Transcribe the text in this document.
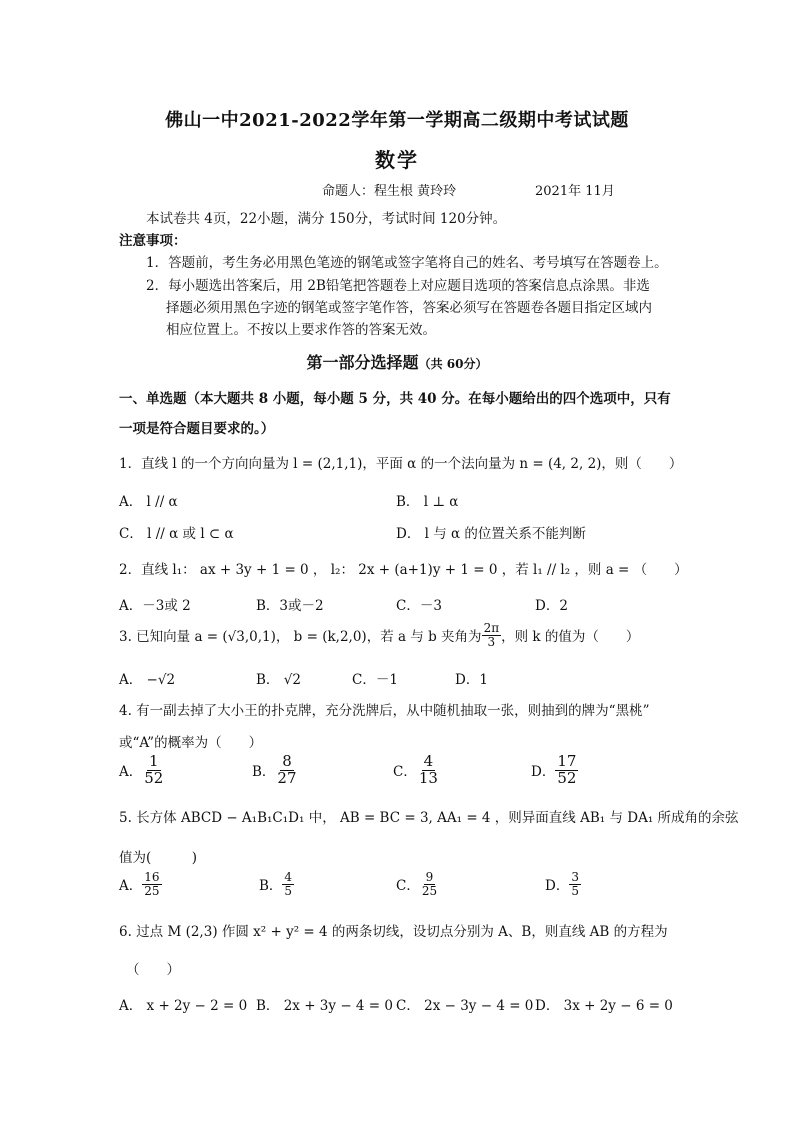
佛山一中2021-2022学年第一学期高二级期中考试试题
数学
命题人：程生根 黄玲玲	2021年 11月
本试卷共 4页，22小题，满分 150分，考试时间 120分钟。
注意事项：
1．答题前，考生务必用黑色笔迹的钢笔或签字笔将自己的姓名、考号填写在答题卷上。
2．每小题选出答案后，用 2B铅笔把答题卷上对应题目选项的答案信息点涂黑。非选
择题必须用黑色字迹的钢笔或签字笔作答，答案必须写在答题卷各题目指定区域内
相应位置上。不按以上要求作答的答案无效。
第一部分选择题（共 60分）
一、单选题（本大题共 8 小题，每小题 5 分，共 40 分。在每小题给出的四个选项中，只有
一项是符合题目要求的。）
1．直线 l 的一个方向向量为 l = (2,1,1)，平面 α 的一个法向量为 n = (4, 2, 2)，则（　　）
A． l // α	B． l ⊥ α
C． l // α 或 l ⊂ α	D． l 与 α 的位置关系不能判断
2．直线 l₁： ax + 3y + 1 = 0 ， l₂： 2x + (a+1)y + 1 = 0 ，若 l₁ // l₂ ，则 a = （　　）
A．－3或 2	B．3或－2	C．－3	D．2
3. 已知向量 a = (√3,0,1)， b = (k,2,0)，若 a 与 b 夹角为 $\frac{2\pi}{3}$ ，则 k 的值为（　　）
A． −√2	B． √2	C．－1	D．1
4. 有一副去掉了大小王的扑克牌，充分洗牌后，从中随机抽取一张，则抽到的牌为“黑桃”
或“A”的概率为（　　）
A． $\frac{1}{52}$	B． $\frac{8}{27}$	C． $\frac{4}{13}$	D． $\frac{17}{52}$
5. 长方体 ABCD − A₁B₁C₁D₁ 中， AB = BC = 3, AA₁ = 4 ，则异面直线 AB₁ 与 DA₁ 所成角的余弦
值为(　　　)
A． $\frac{16}{25}$	B． $\frac{4}{5}$	C． $\frac{9}{25}$	D． $\frac{3}{5}$
6. 过点 M (2,3) 作圆 x² + y² = 4 的两条切线，设切点分别为 A、B，则直线 AB 的方程为
（　　）
A． x + 2y − 2 = 0 B． 2x + 3y − 4 = 0 C． 2x − 3y − 4 = 0 D． 3x + 2y − 6 = 0
